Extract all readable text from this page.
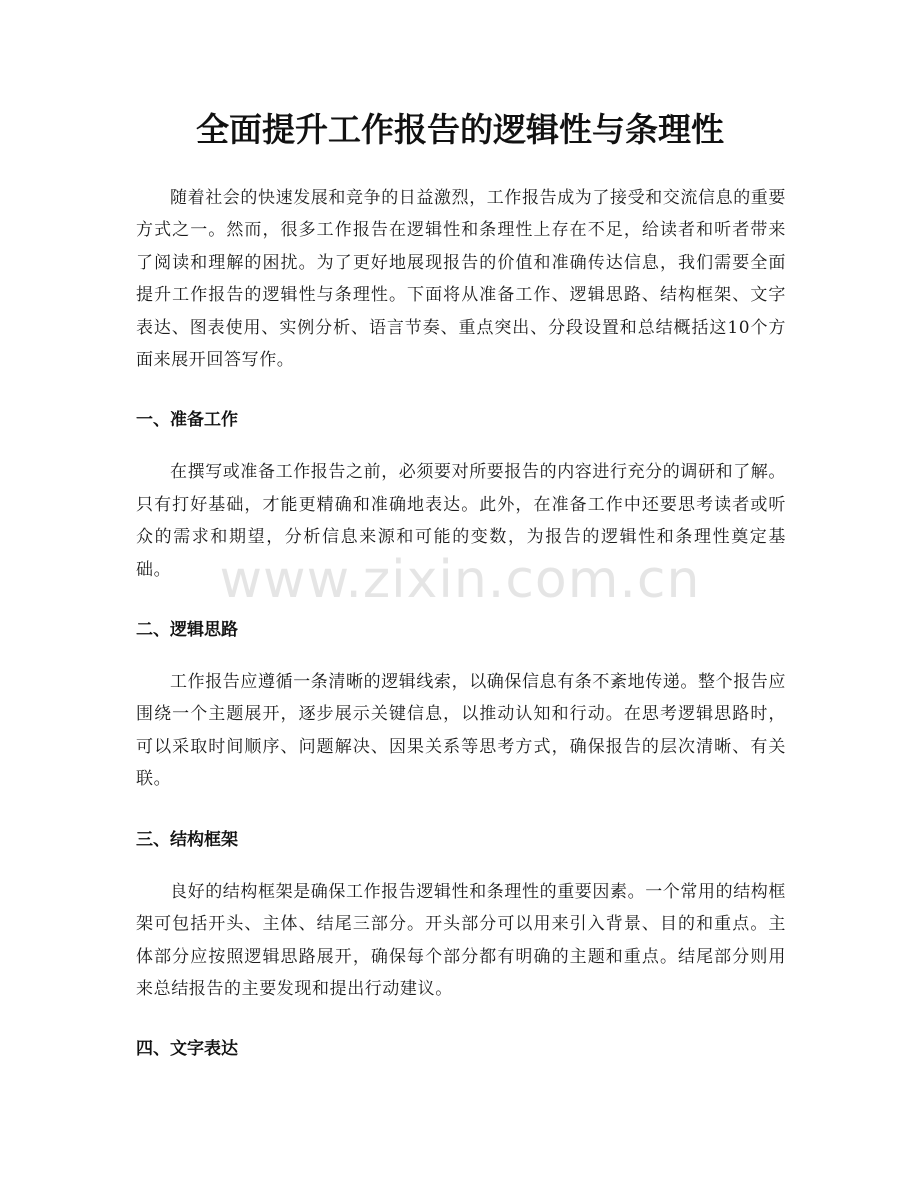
全面提升工作报告的逻辑性与条理性

随着社会的快速发展和竞争的日益激烈，工作报告成为了接受和交流信息的重要方式之一。然而，很多工作报告在逻辑性和条理性上存在不足，给读者和听者带来了阅读和理解的困扰。为了更好地展现报告的价值和准确传达信息，我们需要全面提升工作报告的逻辑性与条理性。下面将从准备工作、逻辑思路、结构框架、文字表达、图表使用、实例分析、语言节奏、重点突出、分段设置和总结概括这10个方面来展开回答写作。

一、准备工作

在撰写或准备工作报告之前，必须要对所要报告的内容进行充分的调研和了解。只有打好基础，才能更精确和准确地表达。此外，在准备工作中还要思考读者或听众的需求和期望，分析信息来源和可能的变数，为报告的逻辑性和条理性奠定基础。

二、逻辑思路

工作报告应遵循一条清晰的逻辑线索，以确保信息有条不紊地传递。整个报告应围绕一个主题展开，逐步展示关键信息，以推动认知和行动。在思考逻辑思路时，可以采取时间顺序、问题解决、因果关系等思考方式，确保报告的层次清晰、有关联。

三、结构框架

良好的结构框架是确保工作报告逻辑性和条理性的重要因素。一个常用的结构框架可包括开头、主体、结尾三部分。开头部分可以用来引入背景、目的和重点。主体部分应按照逻辑思路展开，确保每个部分都有明确的主题和重点。结尾部分则用来总结报告的主要发现和提出行动建议。

四、文字表达
www.zixin.com.cn
